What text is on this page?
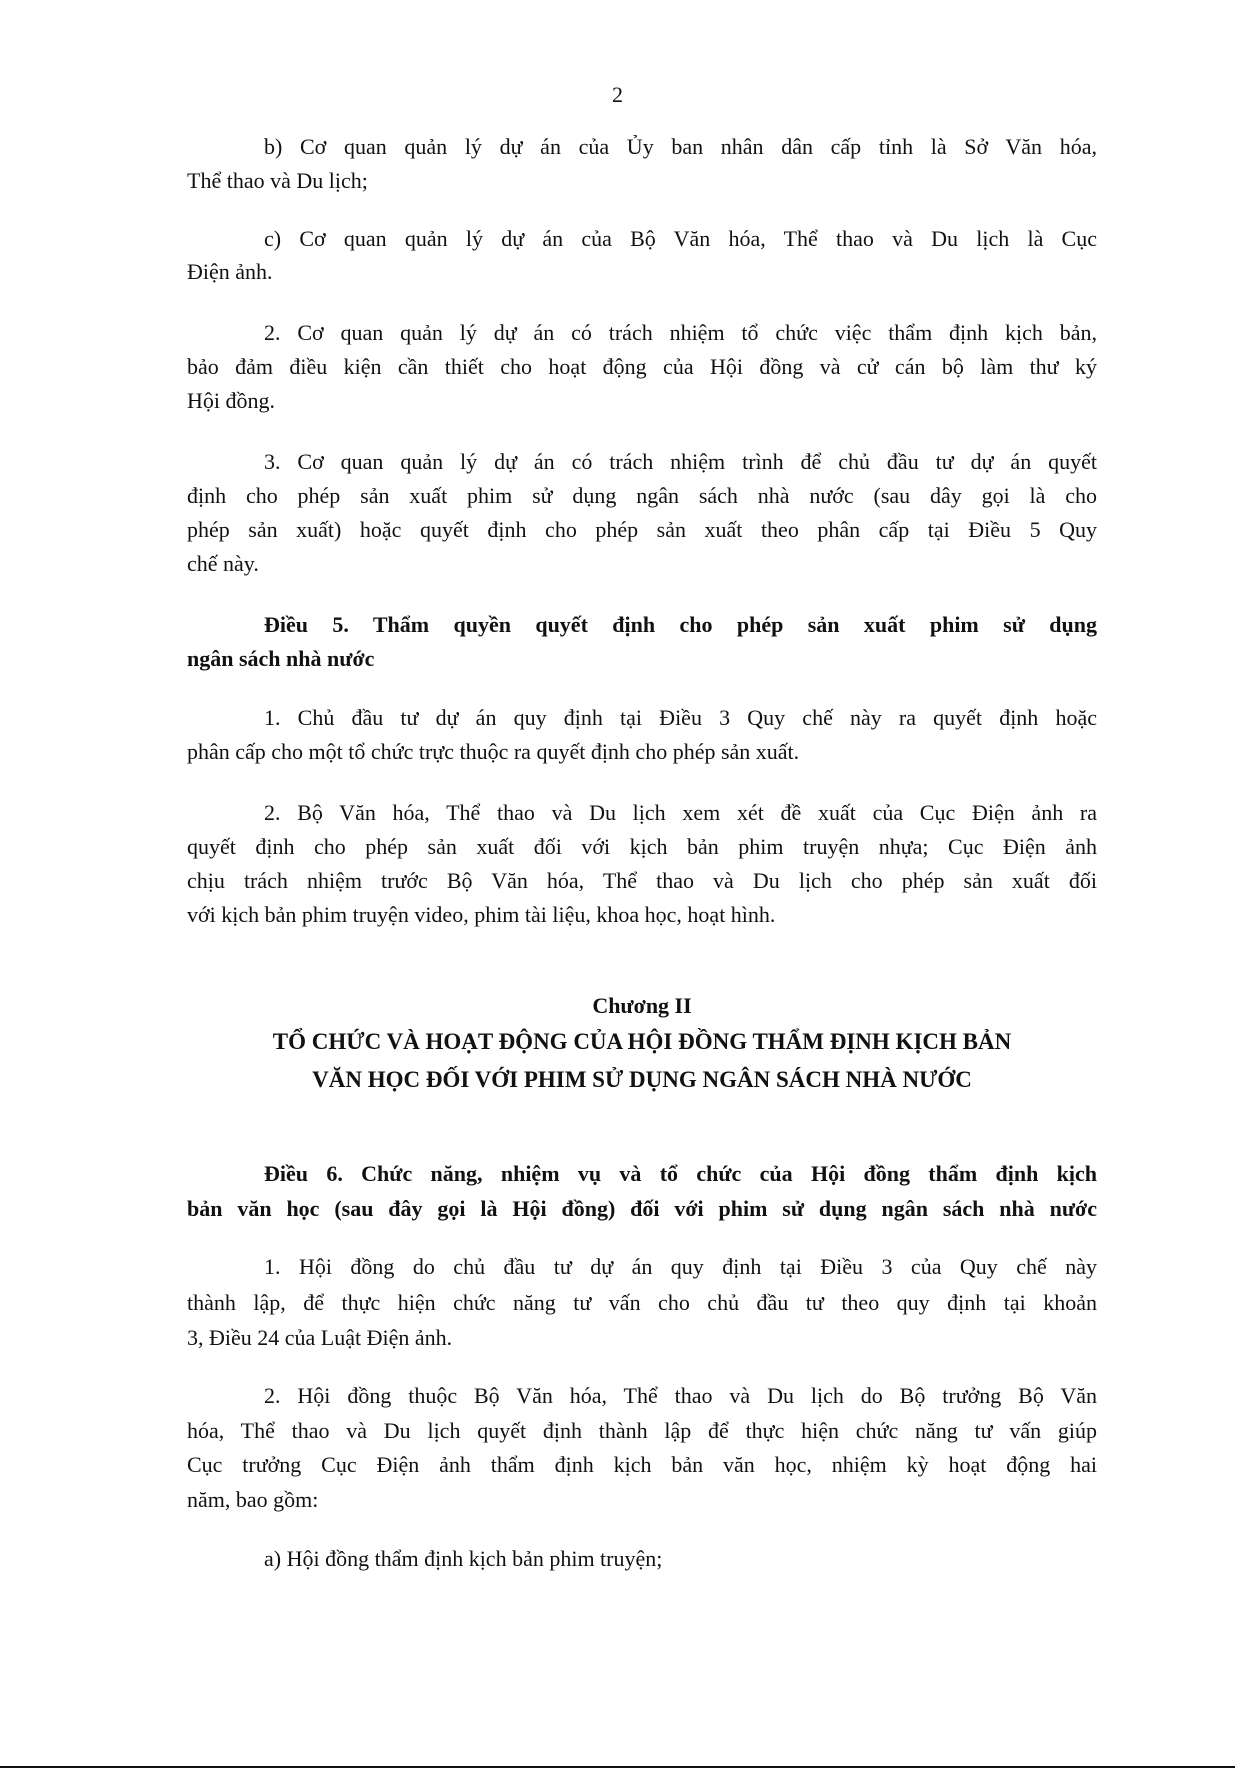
2
b) Cơ quan quản lý dự án của Ủy ban nhân dân cấp tỉnh là Sở Văn hóa,
Thể thao và Du lịch;
c) Cơ quan quản lý dự án của Bộ Văn hóa, Thể thao và Du lịch là Cục
Điện ảnh.
2. Cơ quan quản lý dự án có trách nhiệm tổ chức việc thẩm định kịch bản,
bảo đảm điều kiện cần thiết cho hoạt động của Hội đồng và cử cán bộ làm thư ký
Hội đồng.
3. Cơ quan quản lý dự án có trách nhiệm trình để chủ đầu tư dự án quyết
định cho phép sản xuất phim sử dụng ngân sách nhà nước (sau dây gọi là cho
phép sản xuất) hoặc quyết định cho phép sản xuất theo phân cấp tại Điều 5 Quy
chế này.
Điều 5. Thẩm quyền quyết định cho phép sản xuất phim sử dụng
ngân sách nhà nước
1. Chủ đầu tư dự án quy định tại Điều 3 Quy chế này ra quyết định hoặc
phân cấp cho một tổ chức trực thuộc ra quyết định cho phép sản xuất.
2. Bộ Văn hóa, Thể thao và Du lịch xem xét đề xuất của Cục Điện ảnh ra
quyết định cho phép sản xuất đối với kịch bản phim truyện nhựa; Cục Điện ảnh
chịu trách nhiệm trước Bộ Văn hóa, Thể thao và Du lịch cho phép sản xuất đối
với kịch bản phim truyện video, phim tài liệu, khoa học, hoạt hình.
Chương II
TỔ CHỨC VÀ HOẠT ĐỘNG CỦA HỘI ĐỒNG THẨM ĐỊNH KỊCH BẢN
VĂN HỌC ĐỐI VỚI PHIM SỬ DỤNG NGÂN SÁCH NHÀ NƯỚC
Điều 6. Chức năng, nhiệm vụ và tổ chức của Hội đồng thẩm định kịch
bản văn học (sau đây gọi là Hội đồng) đối với phim sử dụng ngân sách nhà nước
1. Hội đồng do chủ đầu tư dự án quy định tại Điều 3 của Quy chế này
thành lập, để thực hiện chức năng tư vấn cho chủ đầu tư theo quy định tại khoản
3, Điều 24 của Luật Điện ảnh.
2. Hội đồng thuộc Bộ Văn hóa, Thể thao và Du lịch do Bộ trưởng Bộ Văn
hóa, Thể thao và Du lịch quyết định thành lập để thực hiện chức năng tư vấn giúp
Cục trưởng Cục Điện ảnh thẩm định kịch bản văn học, nhiệm kỳ hoạt động hai
năm, bao gồm:
a) Hội đồng thẩm định kịch bản phim truyện;
